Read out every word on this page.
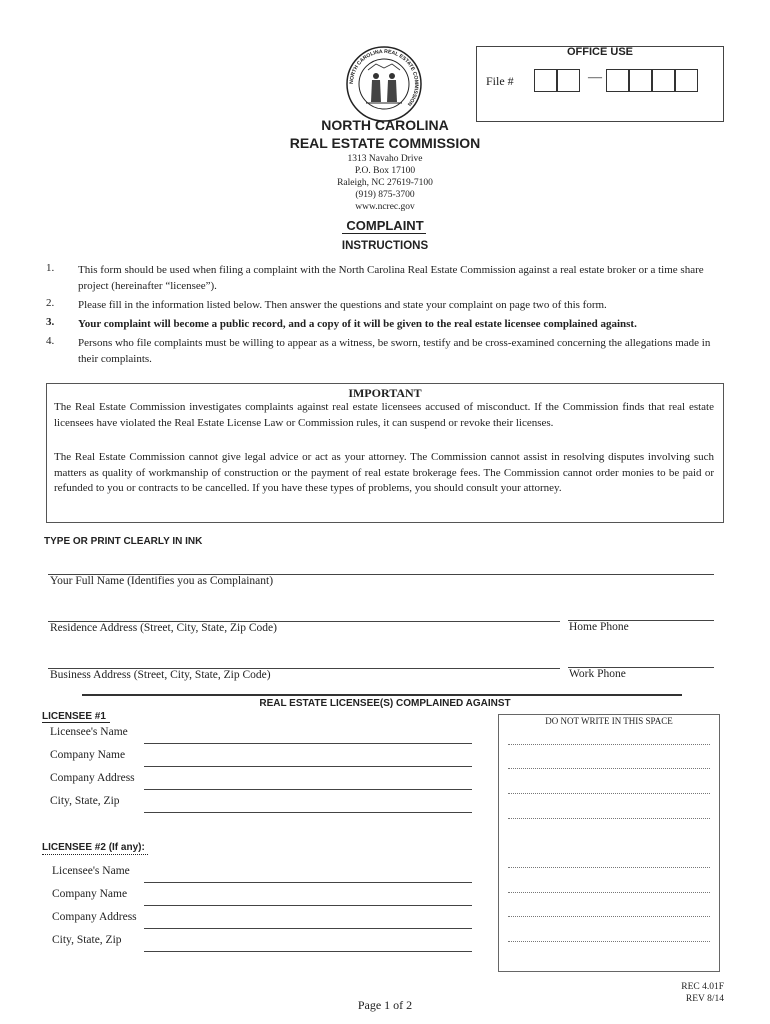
OFFICE USE
File #	—
NORTH CAROLINA REAL ESTATE COMMISSION
NORTH CAROLINA
REAL ESTATE COMMISSION
1313 Navaho Drive
P.O. Box 17100
Raleigh, NC 27619-7100
(919) 875-3700
www.ncrec.gov
COMPLAINT
INSTRUCTIONS
1. This form should be used when filing a complaint with the North Carolina Real Estate Commission against a real estate broker or a time share project (hereinafter “licensee”).
2. Please fill in the information listed below. Then answer the questions and state your complaint on page two of this form.
3. Your complaint will become a public record, and a copy of it will be given to the real estate licensee complained against.
4. Persons who file complaints must be willing to appear as a witness, be sworn, testify and be cross-examined concerning the allegations made in their complaints.
IMPORTANT
The Real Estate Commission investigates complaints against real estate licensees accused of misconduct. If the Commission finds that real estate licensees have violated the Real Estate License Law or Commission rules, it can suspend or revoke their licenses.
The Real Estate Commission cannot give legal advice or act as your attorney. The Commission cannot assist in resolving disputes involving such matters as quality of workmanship of construction or the payment of real estate brokerage fees. The Commission cannot order monies to be paid or refunded to you or contracts to be cancelled. If you have these types of problems, you should consult your attorney.
TYPE OR PRINT CLEARLY IN INK
Your Full Name (Identifies you as Complainant)
Residence Address (Street, City, State, Zip Code)	Home Phone
Business Address (Street, City, State, Zip Code)	Work Phone
REAL ESTATE LICENSEE(S) COMPLAINED AGAINST
LICENSEE #1
Licensee's Name
Company Name
Company Address
City, State, Zip
LICENSEE #2 (If any):
Licensee's Name
Company Name
Company Address
City, State, Zip
DO NOT WRITE IN THIS SPACE
Page 1 of 2
REC 4.01F
REV 8/14
